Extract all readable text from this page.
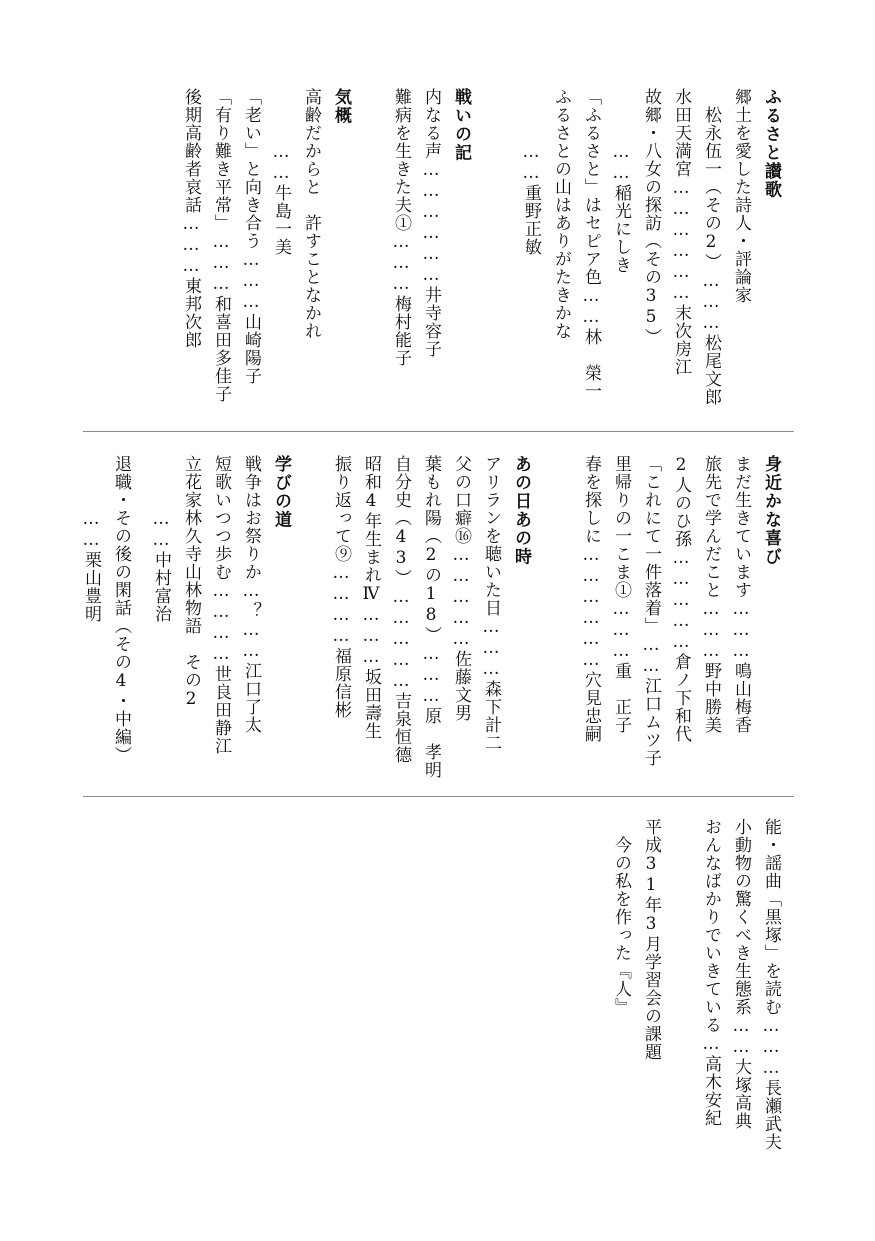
ふるさと讃歌
郷土を愛した詩人・評論家
　松永伍一（その2）………松尾文郎
水田天満宮………………末次房江
故郷・八女の探訪（その35）
　　　……稲光にしき
「ふるさと」はセピア色……林　榮一
ふるさとの山はありがたきかな
　　　……重野正敏
戦いの記
内なる声………………井寺容子
難病を生きた夫①………梅村能子
気概
高齢だからと　許すことなかれ
　　　……牛島一美
「老い」と向き合う………山崎陽子
「有り難き平常」………和喜田多佳子
後期高齢者哀話………東邦次郎
身近かな喜び
まだ生きています………鳴山梅香
旅先で学んだこと………野中勝美
2人のひ孫……………倉ノ下和代
「これにて一件落着」……江口ムツ子
里帰りの一こま①………重　正子
春を探しに………………穴見忠嗣
あの日あの時
アリランを聴いた日………森下計二
父の口癖⑯……………佐藤文男
葉もれ陽（2の18）………原　孝明
自分史（43）……………吉泉恒德
昭和4年生まれⅣ………坂田壽生
振り返って⑨…………福原信彬
学びの道
戦争はお祭りか…？……江口了太
短歌いつつ歩む…………世良田静江
立花家林久寺山林物語　その2
　　　……中村富治
退職・その後の閑話（その4・中編）
　　　……栗山豊明
能・謡曲「黒塚」を読む………長瀬武夫
小動物の驚くべき生態系……大塚高典
おんなばかりでいきている…高木安紀
平成31年3月学習会の課題
　今の私を作った『人』
